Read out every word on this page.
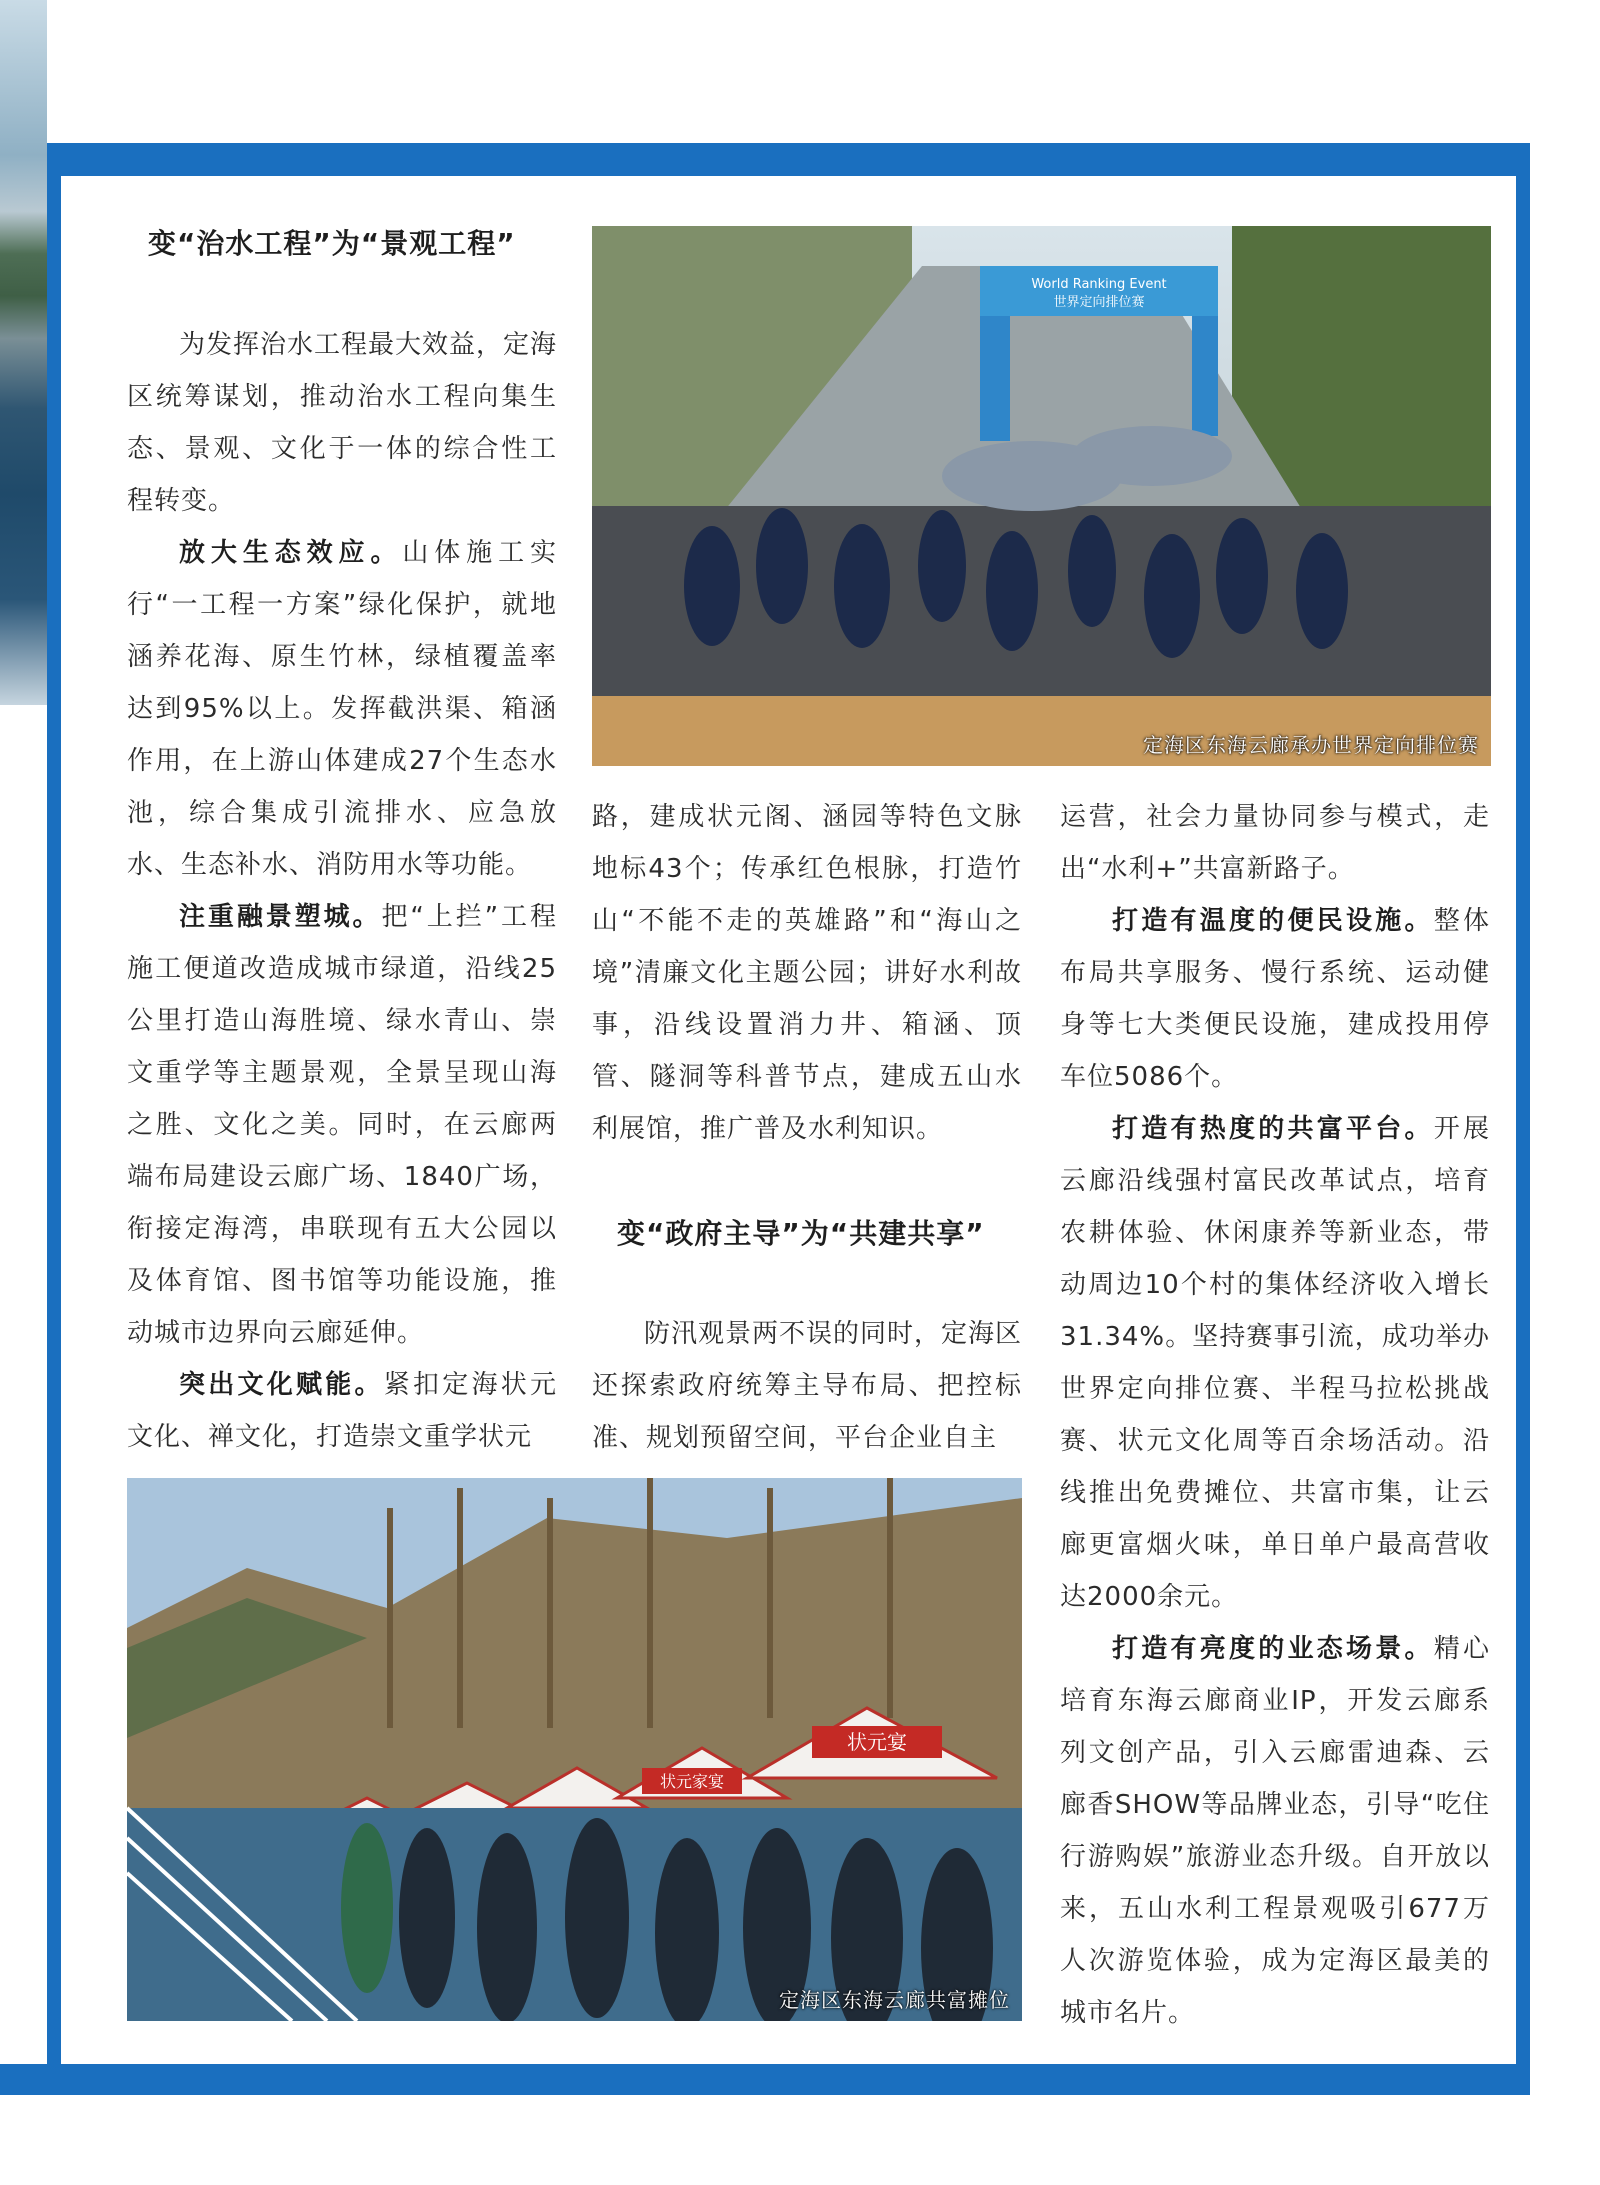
变“治水工程”为“景观工程”

为发挥治水工程最大效益，定海区统筹谋划，推动治水工程向集生态、景观、文化于一体的综合性工程转变。

放大生态效应。山体施工实行“一工程一方案”绿化保护，就地涵养花海、原生竹林，绿植覆盖率达到95%以上。发挥截洪渠、箱涵作用，在上游山体建成27个生态水池，综合集成引流排水、应急放水、生态补水、消防用水等功能。

注重融景塑城。把“上拦”工程施工便道改造成城市绿道，沿线25公里打造山海胜境、绿水青山、崇文重学等主题景观，全景呈现山海之胜、文化之美。同时，在云廊两端布局建设云廊广场、1840广场，衔接定海湾，串联现有五大公园以及体育馆、图书馆等功能设施，推动城市边界向云廊延伸。

突出文化赋能。紧扣定海状元文化、禅文化，打造崇文重学状元

World Ranking Event
世界定向排位赛
定海区东海云廊承办世界定向排位赛

路，建成状元阁、涵园等特色文脉地标43个；传承红色根脉，打造竹山“不能不走的英雄路”和“海山之境”清廉文化主题公园；讲好水利故事，沿线设置消力井、箱涵、顶管、隧洞等科普节点，建成五山水利展馆，推广普及水利知识。

变“政府主导”为“共建共享”

防汛观景两不误的同时，定海区还探索政府统筹主导布局、把控标准、规划预留空间，平台企业自主

运营，社会力量协同参与模式，走出“水利+”共富新路子。

打造有温度的便民设施。整体布局共享服务、慢行系统、运动健身等七大类便民设施，建成投用停车位5086个。

打造有热度的共富平台。开展云廊沿线强村富民改革试点，培育农耕体验、休闲康养等新业态，带动周边10个村的集体经济收入增长31.34%。坚持赛事引流，成功举办世界定向排位赛、半程马拉松挑战赛、状元文化周等百余场活动。沿线推出免费摊位、共富市集，让云廊更富烟火味，单日单户最高营收达2000余元。

打造有亮度的业态场景。精心培育东海云廊商业IP，开发云廊系列文创产品，引入云廊雷迪森、云廊香SHOW等品牌业态，引导“吃住行游购娱”旅游业态升级。自开放以来，五山水利工程景观吸引677万人次游览体验，成为定海区最美的城市名片。

状元家宴
状元宴
定海区东海云廊共富摊位
